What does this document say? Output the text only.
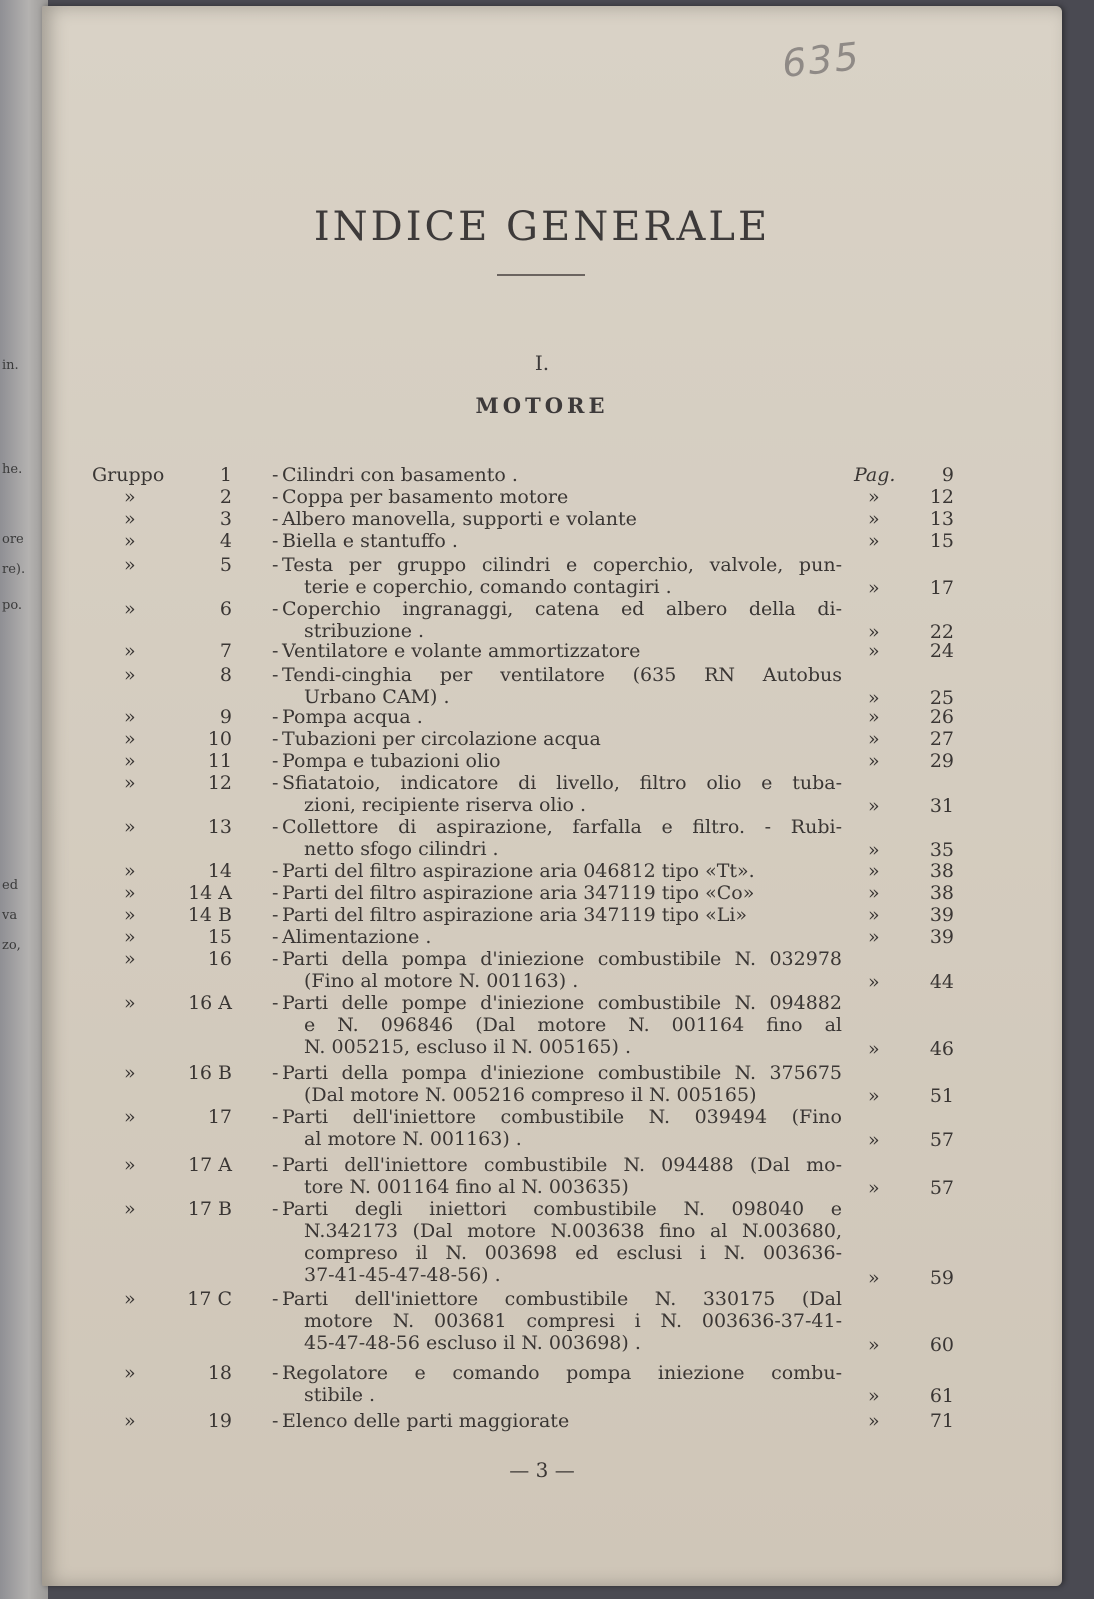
in.
he.
ore
re).
po.
ed
va
zo,
635
INDICE GENERALE
I.
MOTORE
Gruppo	1 - Cilindri con basamento .	Pag.	9
»	2 - Coppa per basamento motore	»	12
»	3 - Albero manovella, supporti e volante	»	13
»	4 - Biella e stantuffo .	»	15
»	5 - Testa per gruppo cilindri e coperchio, valvole, pun-
terie e coperchio, comando contagiri .	»	17
»	6 - Coperchio ingranaggi, catena ed albero della di-
stribuzione .	»	22
»	7 - Ventilatore e volante ammortizzatore	»	24
»	8 - Tendi-cinghia per ventilatore (635 RN Autobus
Urbano CAM) .	»	25
»	9 - Pompa acqua .	»	26
»	10 - Tubazioni per circolazione acqua	»	27
»	11 - Pompa e tubazioni olio	»	29
»	12 - Sfiatatoio, indicatore di livello, filtro olio e tuba-
zioni, recipiente riserva olio .	»	31
»	13 - Collettore di aspirazione, farfalla e filtro. - Rubi-
netto sfogo cilindri .	»	35
»	14 - Parti del filtro aspirazione aria 046812 tipo «Tt».	»	38
»	14 A - Parti del filtro aspirazione aria 347119 tipo «Co»	»	38
»	14 B - Parti del filtro aspirazione aria 347119 tipo «Li»	»	39
»	15 - Alimentazione .	»	39
»	16 - Parti della pompa d'iniezione combustibile N. 032978
(Fino al motore N. 001163) .	»	44
»	16 A - Parti delle pompe d'iniezione combustibile N. 094882
e N. 096846 (Dal motore N. 001164 fino al
N. 005215, escluso il N. 005165) .	»	46
»	16 B - Parti della pompa d'iniezione combustibile N. 375675
(Dal motore N. 005216 compreso il N. 005165)	»	51
»	17 - Parti dell'iniettore combustibile N. 039494 (Fino
al motore N. 001163) .	»	57
»	17 A - Parti dell'iniettore combustibile N. 094488 (Dal mo-
tore N. 001164 fino al N. 003635)	»	57
»	17 B - Parti degli iniettori combustibile N. 098040 e
N.342173 (Dal motore N.003638 fino al N.003680,
compreso il N. 003698 ed esclusi i N. 003636-
37-41-45-47-48-56) .	»	59
»	17 C - Parti dell'iniettore combustibile N. 330175 (Dal
motore N. 003681 compresi i N. 003636-37-41-
45-47-48-56 escluso il N. 003698) .	»	60
»	18 - Regolatore e comando pompa iniezione combu-
stibile .	»	61
»	19 - Elenco delle parti maggiorate	»	71
— 3 —
